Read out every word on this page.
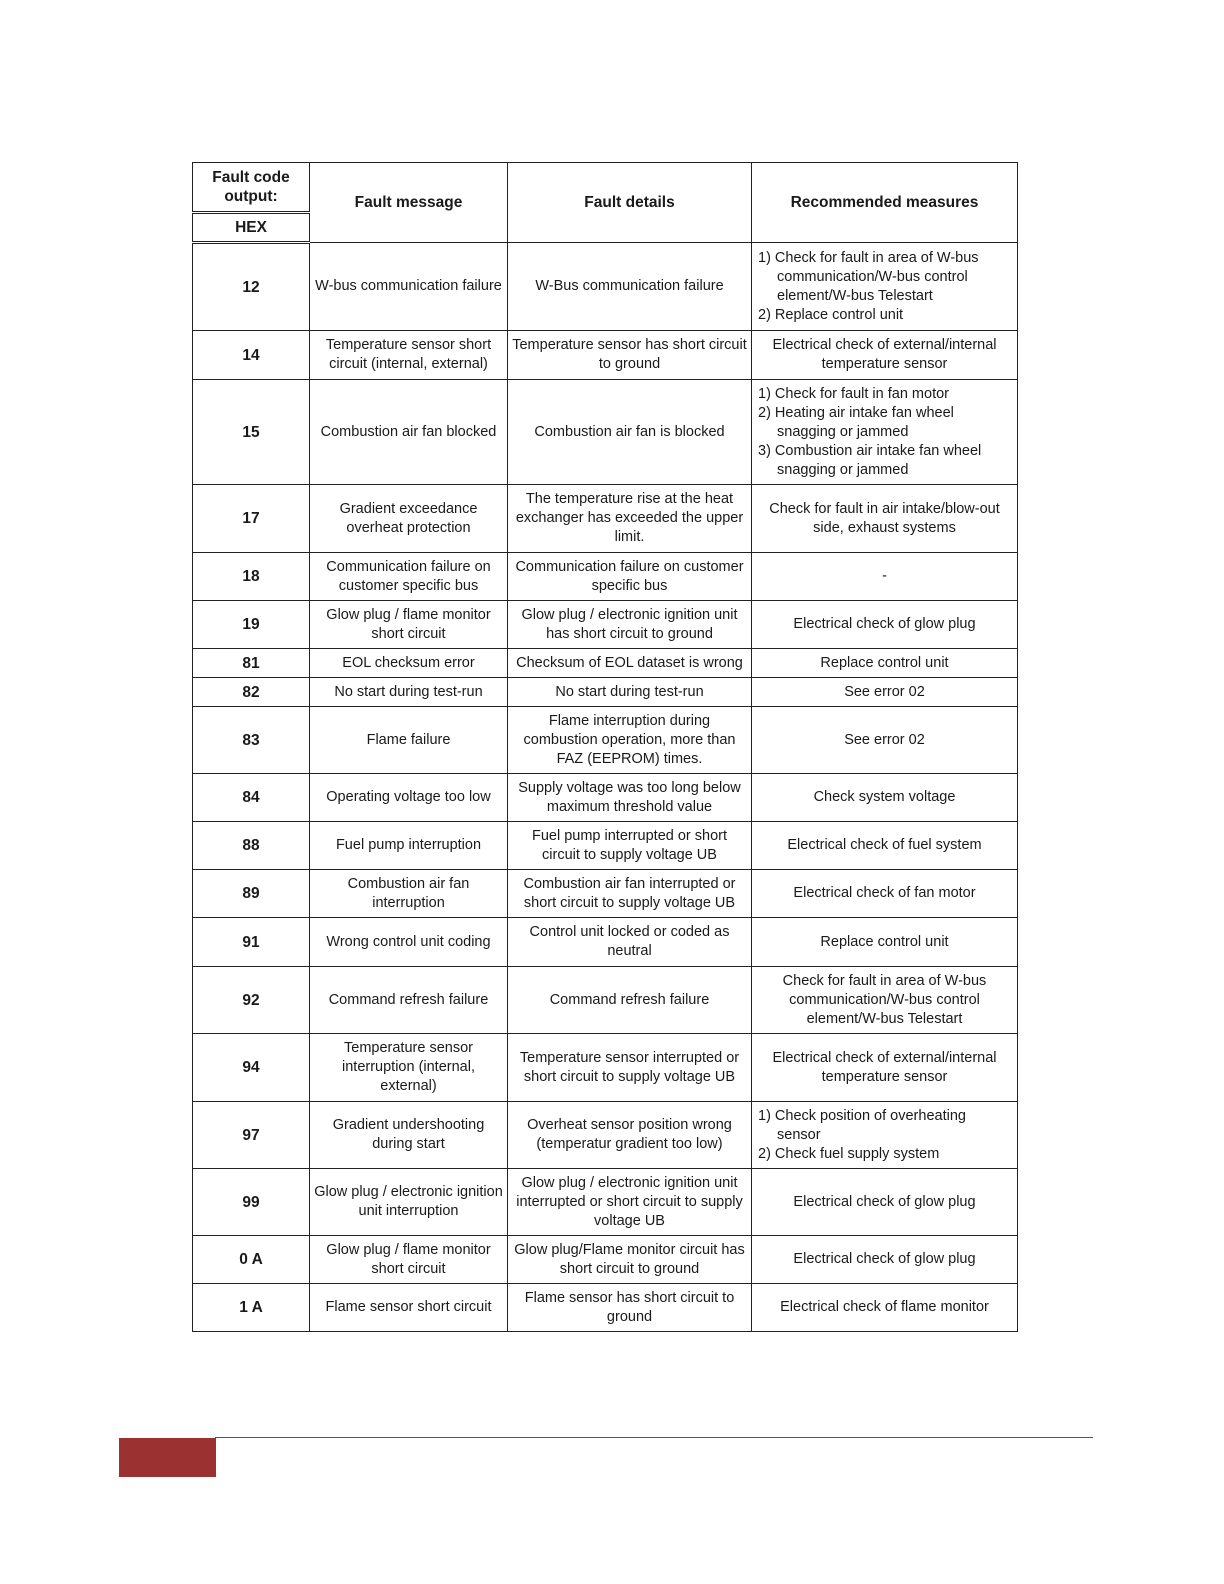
Fault code output:	Fault message	Fault details	Recommended measures
HEX			
12	W-bus communication failure	W-Bus communication failure	1) Check for fault in area of W-bus
communication/W-bus control
element/W-bus Telestart
2) Replace control unit

14	Temperature sensor short circuit (internal, external)	Temperature sensor has short circuit to ground	Electrical check of external/internal temperature sensor

15	Combustion air fan blocked	Combustion air fan is blocked	1) Check for fault in fan motor
2) Heating air intake fan wheel
snagging or jammed
3) Combustion air intake fan wheel
snagging or jammed

17	Gradient exceedance overheat protection	The temperature rise at the heat exchanger has exceeded the upper limit.	Check for fault in air intake/blow-out side, exhaust systems

18	Communication failure on customer specific bus	Communication failure on customer specific bus	-

19	Glow plug / flame monitor short circuit	Glow plug / electronic ignition unit has short circuit to ground	Electrical check of glow plug

81	EOL checksum error	Checksum of EOL dataset is wrong	Replace control unit

82	No start during test-run	No start during test-run	See error 02

83	Flame failure	Flame interruption during combustion operation, more than FAZ (EEPROM) times.	See error 02

84	Operating voltage too low	Supply voltage was too long below maximum threshold value	Check system voltage

88	Fuel pump interruption	Fuel pump interrupted or short circuit to supply voltage UB	Electrical check of fuel system

89	Combustion air fan interruption	Combustion air fan interrupted or short circuit to supply voltage UB	Electrical check of fan motor

91	Wrong control unit coding	Control unit locked or coded as neutral	Replace control unit

92	Command refresh failure	Command refresh failure	Check for fault in area of W-bus communication/W-bus control element/W-bus Telestart

94	Temperature sensor interruption (internal, external)	Temperature sensor interrupted or short circuit to supply voltage UB	Electrical check of external/internal temperature sensor

97	Gradient undershooting during start	Overheat sensor position wrong (temperatur gradient too low)	1) Check position of overheating
sensor
2) Check fuel supply system

99	Glow plug / electronic ignition unit interruption	Glow plug / electronic ignition unit interrupted or short circuit to supply voltage UB	Electrical check of glow plug

0 A	Glow plug / flame monitor short circuit	Glow plug/Flame monitor circuit has short circuit to ground	Electrical check of glow plug

1 A	Flame sensor short circuit	Flame sensor has short circuit to ground	Electrical check of flame monitor
